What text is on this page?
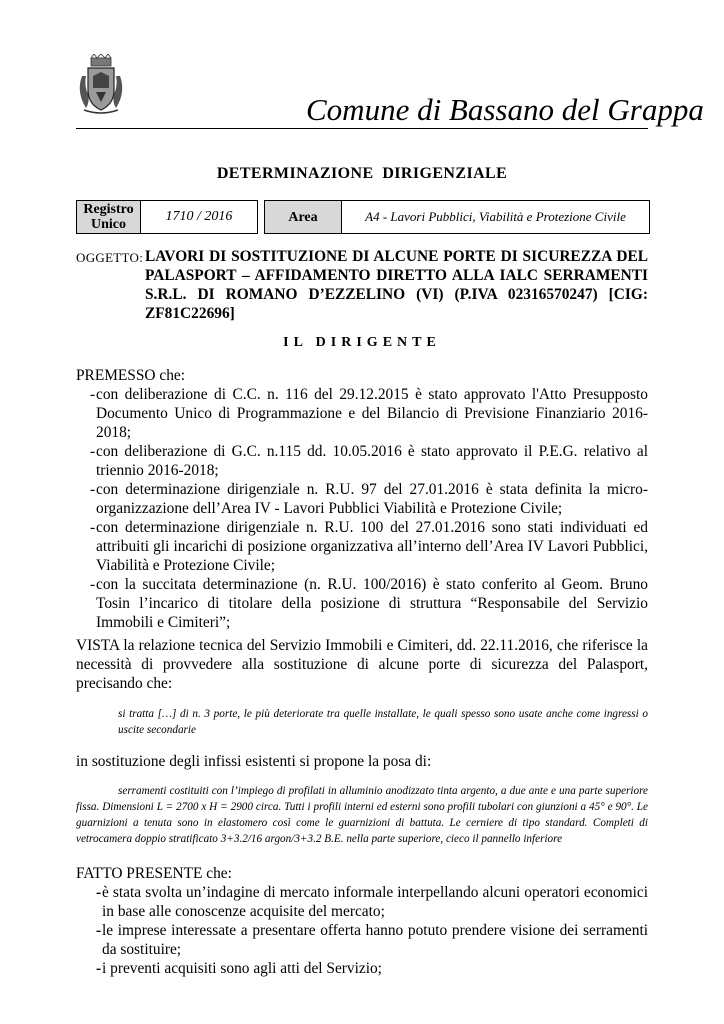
Comune di Bassano del Grappa
DETERMINAZIONE  DIRIGENZIALE
Registro Unico
1710 / 2016	Area	A4 - Lavori Pubblici, Viabilità e Protezione Civile
OGGETTO: LAVORI DI SOSTITUZIONE DI ALCUNE PORTE DI SICUREZZA DEL PALASPORT – AFFIDAMENTO DIRETTO ALLA IALC SERRAMENTI S.R.L. DI ROMANO D’EZZELINO (VI) (P.IVA 02316570247) [CIG: ZF81C22696]
IL DIRIGENTE
PREMESSO che:
- con deliberazione di C.C. n. 116 del 29.12.2015 è stato approvato l'Atto Presupposto Documento Unico di Programmazione e del Bilancio di Previsione Finanziario 2016-2018;
- con deliberazione di G.C. n.115 dd. 10.05.2016 è stato approvato il P.E.G. relativo al triennio 2016-2018;
- con determinazione dirigenziale n. R.U. 97 del 27.01.2016 è stata definita la micro-organizzazione dell’Area IV - Lavori Pubblici Viabilità e Protezione Civile;
- con determinazione dirigenziale n. R.U. 100 del 27.01.2016 sono stati individuati ed attribuiti gli incarichi di posizione organizzativa all’interno dell’Area IV Lavori Pubblici, Viabilità e Protezione Civile;
- con la succitata determinazione (n. R.U. 100/2016) è stato conferito al Geom. Bruno Tosin l’incarico di titolare della posizione di struttura “Responsabile del Servizio Immobili e Cimiteri”;
VISTA la relazione tecnica del Servizio Immobili e Cimiteri, dd. 22.11.2016, che riferisce la necessità di provvedere alla sostituzione di alcune porte di sicurezza del Palasport, precisando che:
si tratta […] di n. 3 porte, le più deteriorate tra quelle installate, le quali spesso sono usate anche come ingressi o uscite secondarie
in sostituzione degli infissi esistenti si propone la posa di:
serramenti costituiti con l’impiego di profilati in alluminio anodizzato tinta argento, a due ante e una parte superiore fissa. Dimensioni L = 2700 x H = 2900 circa. Tutti i profili interni ed esterni sono profili tubolari con giunzioni a 45° e 90°. Le guarnizioni a tenuta sono in elastomero così come le guarnizioni di battuta. Le cerniere di tipo standard. Completi di vetrocamera doppio stratificato 3+3.2/16 argon/3+3.2 B.E. nella parte superiore, cieco il pannello inferiore
FATTO PRESENTE che:
- è stata svolta un’indagine di mercato informale interpellando alcuni operatori economici in base alle conoscenze acquisite del mercato;
- le imprese interessate a presentare offerta hanno potuto prendere visione dei serramenti da sostituire;
- i preventi acquisiti sono agli atti del Servizio;
